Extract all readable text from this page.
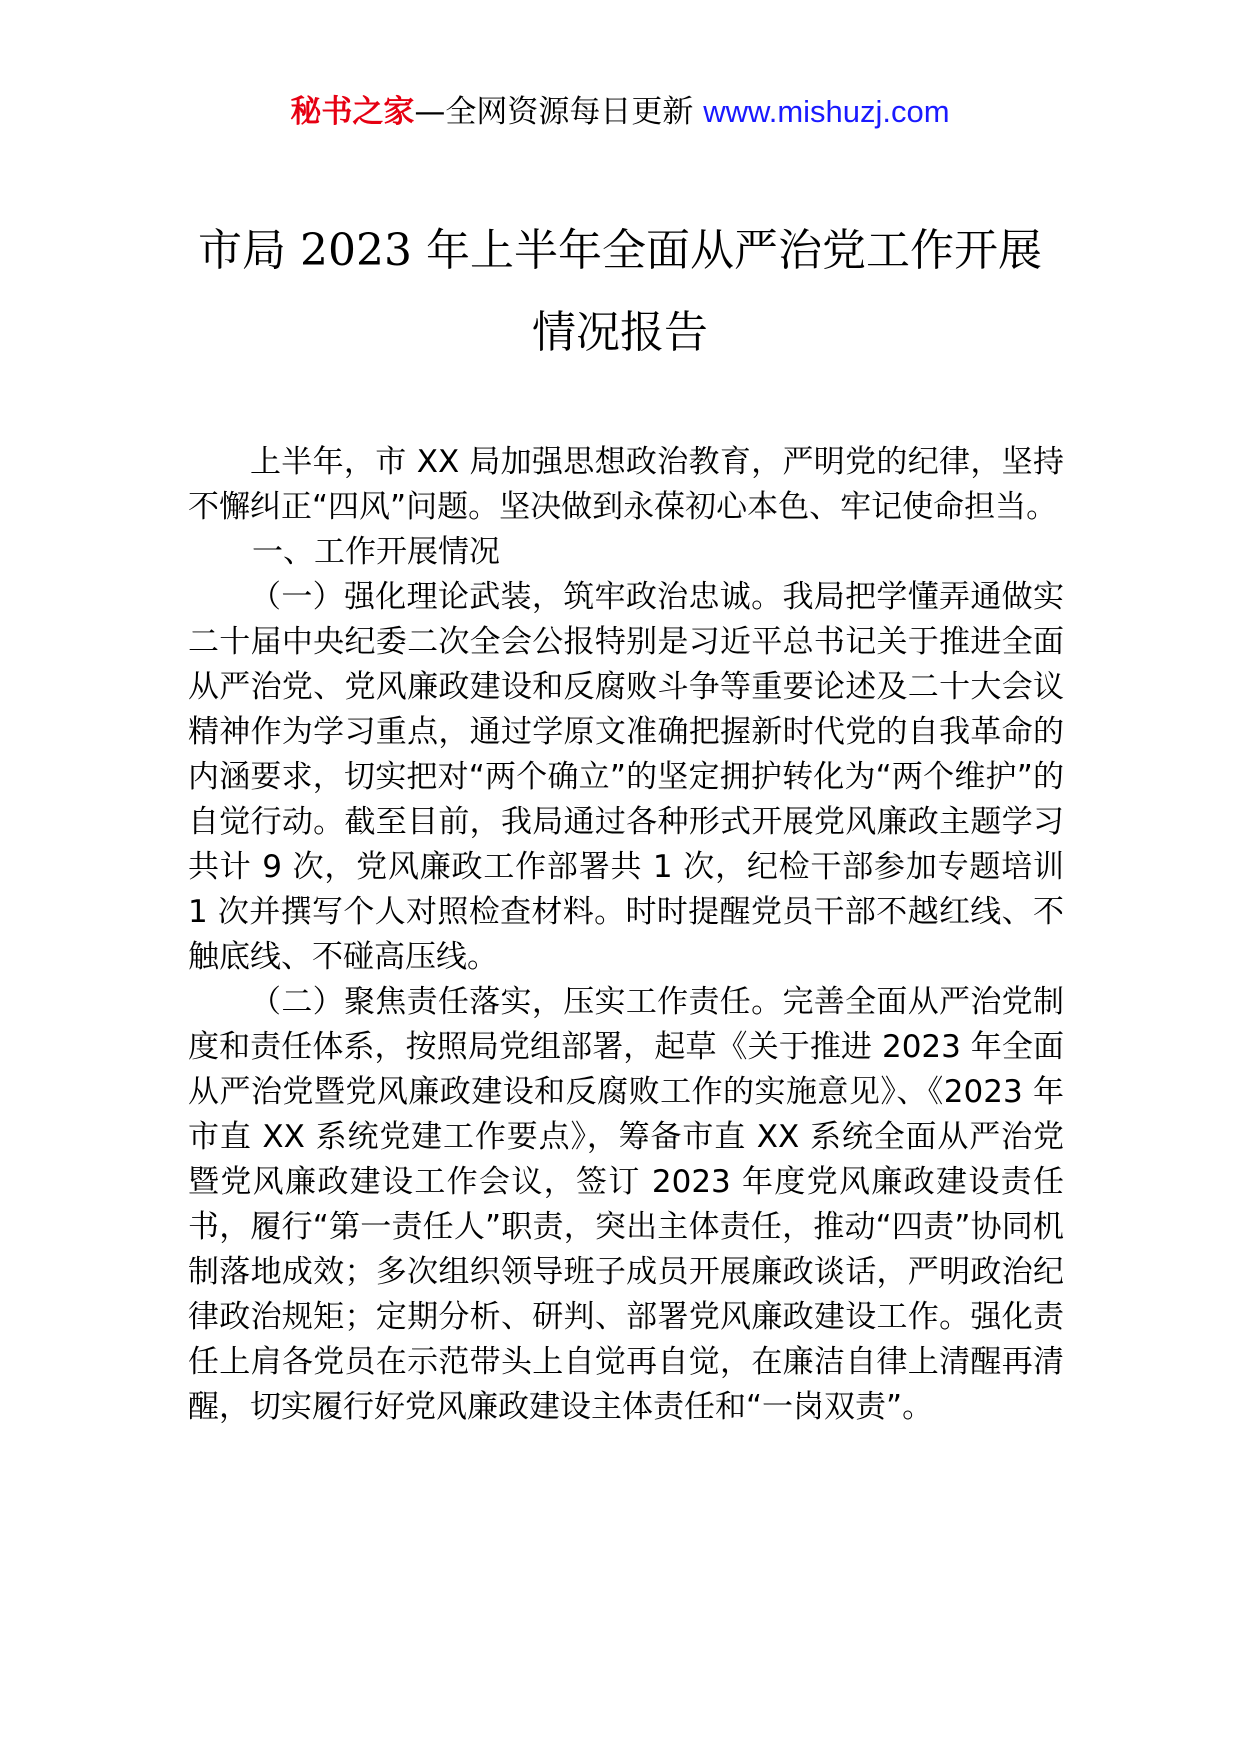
秘书之家—全网资源每日更新 www.mishuzj.com
市局 2023 年上半年全面从严治党工作开展
情况报告

上半年，市 XX 局加强思想政治教育，严明党的纪律，坚持不懈纠正“四风”问题。坚决做到永葆初心本色、牢记使命担当。

一、工作开展情况

（一）强化理论武装，筑牢政治忠诚。我局把学懂弄通做实二十届中央纪委二次全会公报特别是习近平总书记关于推进全面从严治党、党风廉政建设和反腐败斗争等重要论述及二十大会议精神作为学习重点，通过学原文准确把握新时代党的自我革命的内涵要求，切实把对“两个确立”的坚定拥护转化为“两个维护”的自觉行动。截至目前，我局通过各种形式开展党风廉政主题学习共计 9 次，党风廉政工作部署共 1 次，纪检干部参加专题培训 1 次并撰写个人对照检查材料。时时提醒党员干部不越红线、不触底线、不碰高压线。

（二）聚焦责任落实，压实工作责任。完善全面从严治党制度和责任体系，按照局党组部署，起草《关于推进 2023 年全面从严治党暨党风廉政建设和反腐败工作的实施意见》、《2023 年市直 XX 系统党建工作要点》，筹备市直 XX 系统全面从严治党暨党风廉政建设工作会议，签订 2023 年度党风廉政建设责任书，履行“第一责任人”职责，突出主体责任，推动“四责”协同机制落地成效；多次组织领导班子成员开展廉政谈话，严明政治纪律政治规矩；定期分析、研判、部署党风廉政建设工作。强化责任上肩各党员在示范带头上自觉再自觉，在廉洁自律上清醒再清醒，切实履行好党风廉政建设主体责任和“一岗双责”。
